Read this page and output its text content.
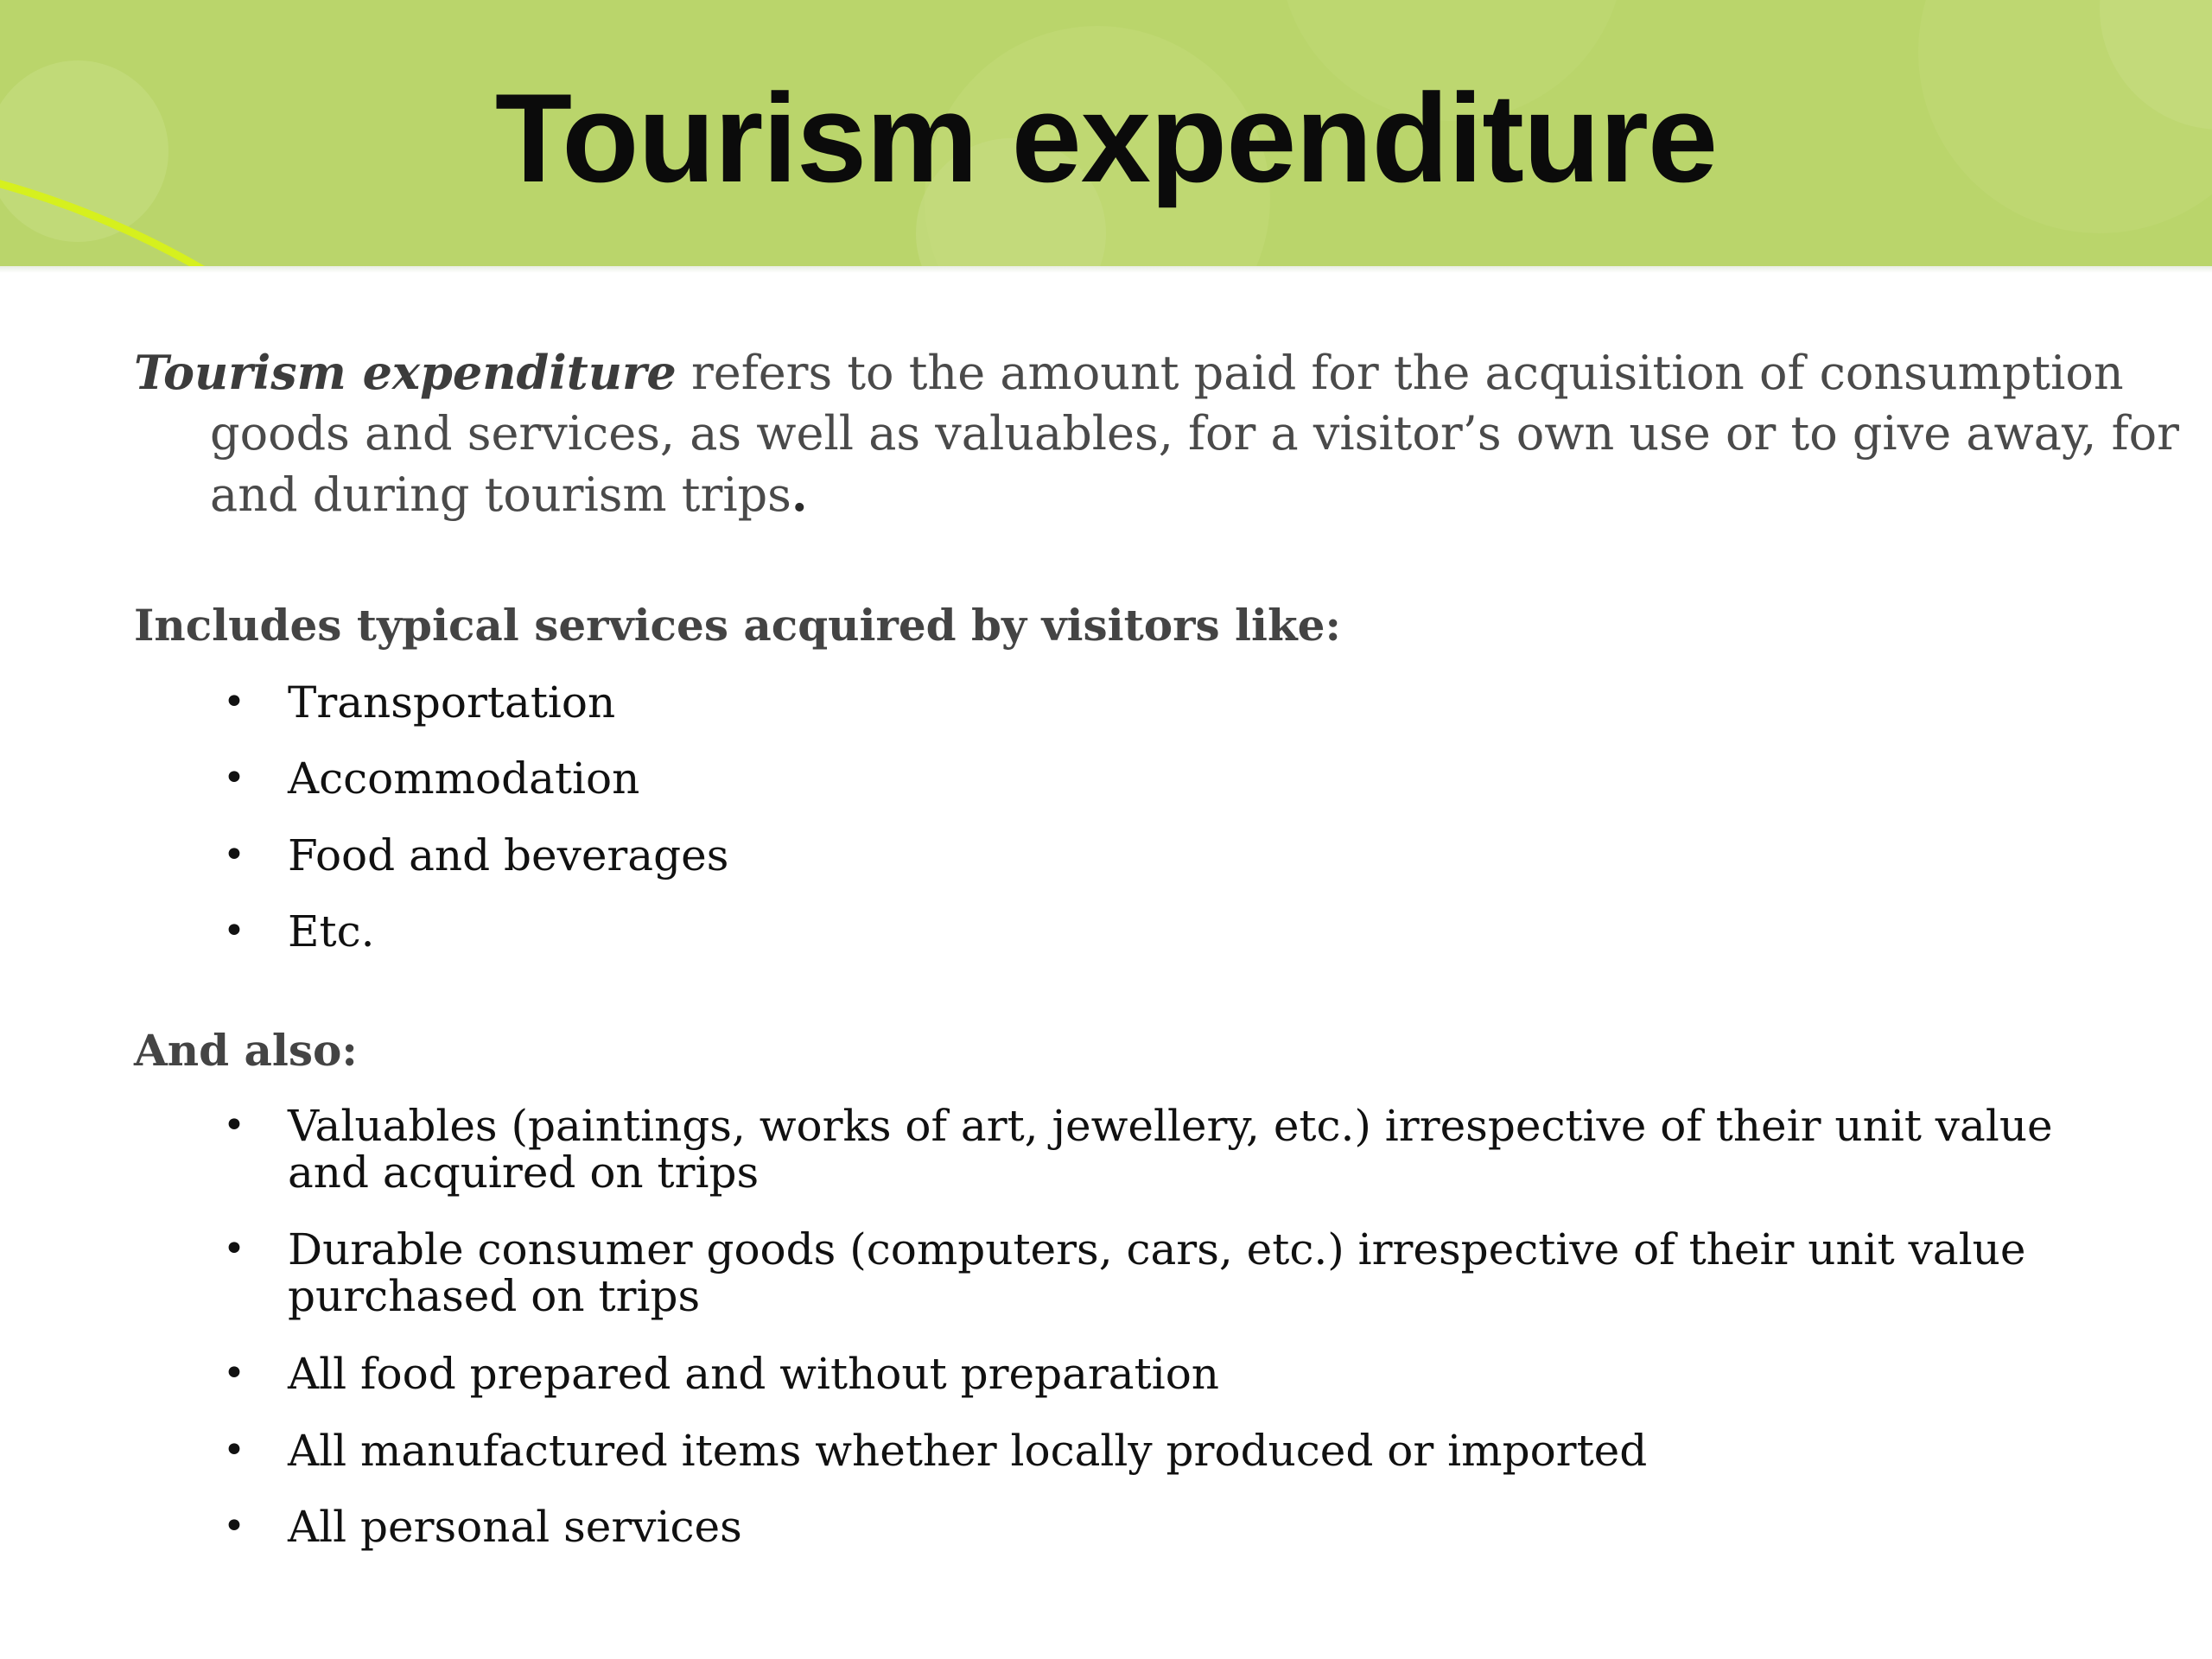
Tourism expenditure
Tourism expenditure refers to the amount paid for the acquisition of consumption goods and services, as well as valuables, for a visitor’s own use or to give away, for and during tourism trips.
Includes typical services acquired by visitors like:
• Transportation
• Accommodation
• Food and beverages
• Etc.
And also:
• Valuables (paintings, works of art, jewellery, etc.) irrespective of their unit value and acquired on trips
• Durable consumer goods (computers, cars, etc.) irrespective of their unit value purchased on trips
• All food prepared and without preparation
• All manufactured items whether locally produced or imported
• All personal services
